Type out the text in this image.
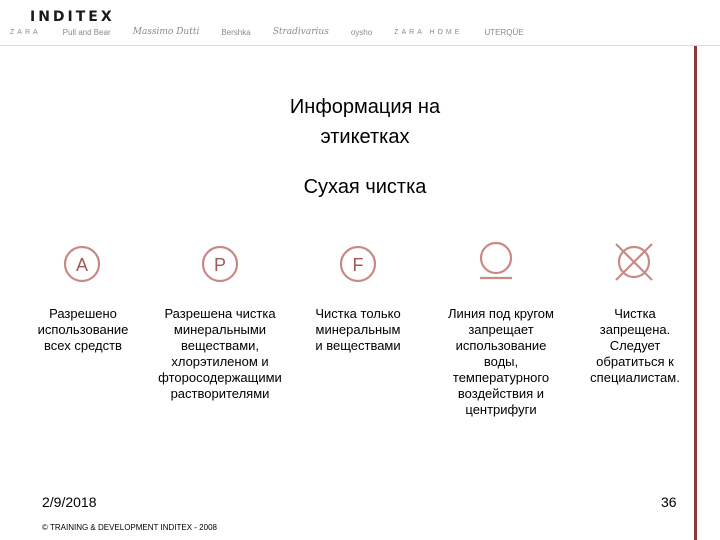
INDITEX
ZARA	Pull and Bear Massimo Dutti	Bershka Stradivarius	oysho	ZARA HOME	UTERQÜE
Информация на
этикетках
Сухая чистка
A	P	F
Разрешено
использование
всех средств
Разрешена чистка
минеральными
веществами,
хлорэтиленом и
фторосодержащими
растворителями
Чистка только
минеральным
и веществами
Линия под кругом
запрещает
использование
воды,
температурного
воздействия и
центрифуги
Чистка
запрещена.
Следует
обратиться к
специалистам.
2/9/2018	36
© TRAINING & DEVELOPMENT INDITEX - 2008
